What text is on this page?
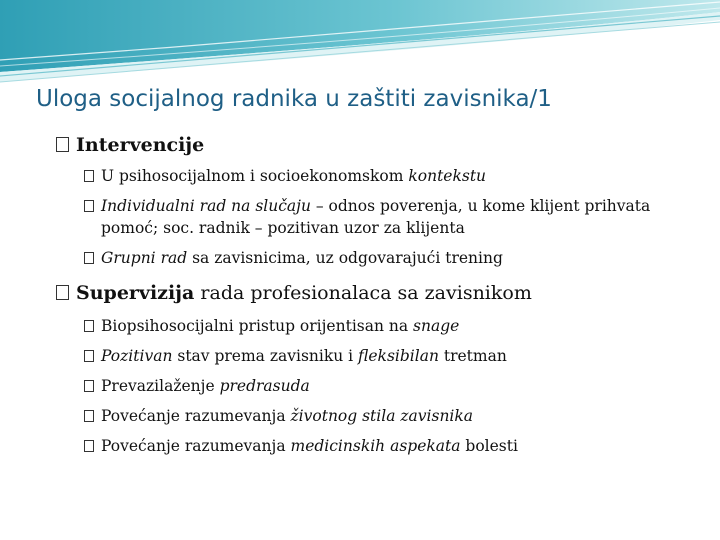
Uloga socijalnog radnika u zaštiti zavisnika/1
Intervencije
U psihosocijalnom i socioekonomskom kontekstu
Individualni rad na slučaju – odnos poverenja, u kome klijent prihvata pomoć; soc. radnik – pozitivan uzor za klijenta
Grupni rad sa zavisnicima, uz odgovarajući trening
Supervizija rada profesionalaca sa zavisnikom
Biopsihosocijalni pristup orijentisan na snage
Pozitivan stav prema zavisniku i fleksibilan tretman
Prevazilaženje predrasuda
Povećanje razumevanja životnog stila zavisnika
Povećanje razumevanja medicinskih aspekata bolesti
